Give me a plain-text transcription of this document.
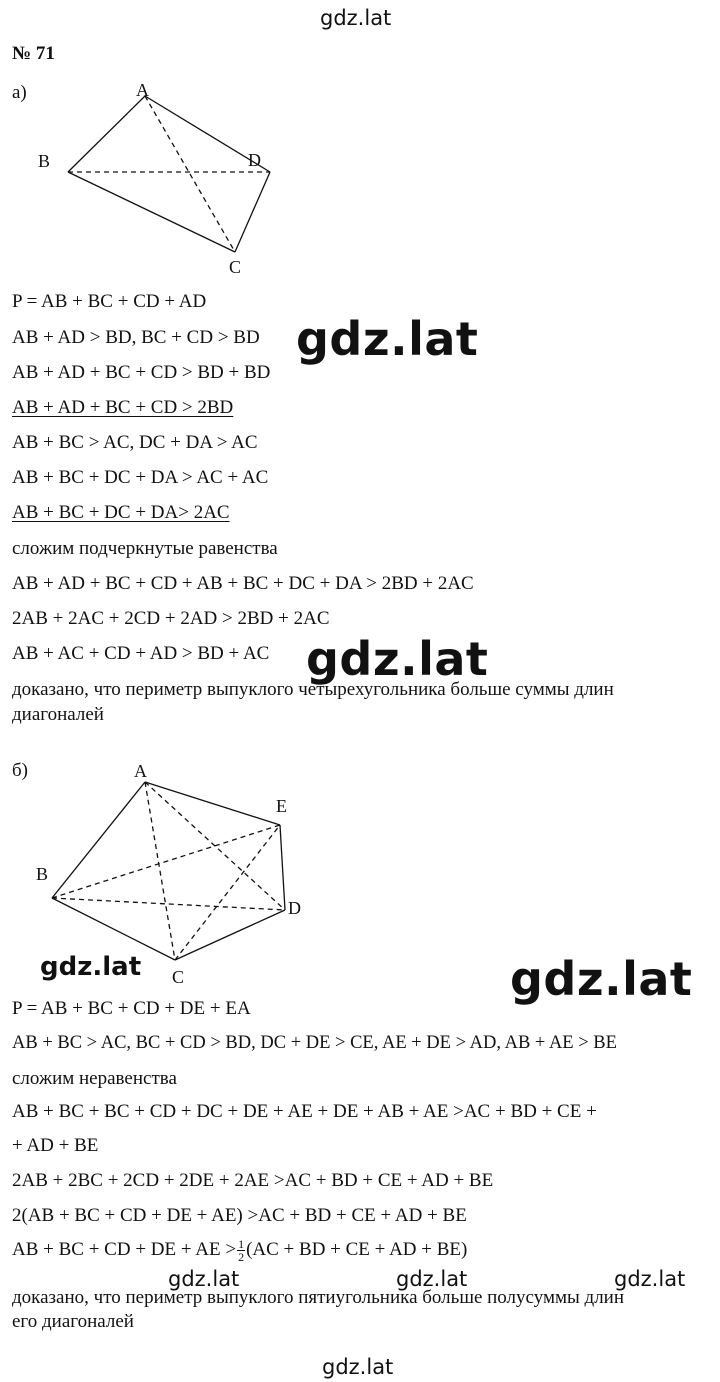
gdz.lat
gdz.lat
gdz.lat
gdz.lat	gdz.lat
gdz.lat	gdz.lat	gdz.lat
gdz.lat
№ 71
а)	A
B
C
D
P = AB + BC + CD + AD
AB + AD > BD, BC + CD > BD
AB + AD + BC + CD > BD + BD
AB + AD + BC + CD > 2BD
AB + BC > AC, DC + DA > AC
AB + BC + DC + DA > AC + AC
AB + BC + DC + DA> 2AC
сложим подчеркнутые равенства
AB + AD + BC + CD + AB + BC + DC + DA > 2BD + 2AC
2AB + 2AC + 2CD + 2AD > 2BD + 2AC
AB + AC + CD + AD > BD + AC
доказано, что периметр выпуклого четырехугольника больше суммы длин
диагоналей
б)	A
B
C
D
E
P = AB + BC + CD + DE + EA
AB + BC > AC, BC + CD > BD, DC + DE > CE, AE + DE > AD, AB + AE > BE
сложим неравенства
AB + BC + BC + CD + DC + DE + AE + DE + AB + AE >AC + BD + CE +
+ AD + BE
2AB + 2BC + 2CD + 2DE + 2AE >AC + BD + CE + AD + BE
2(AB + BC + CD + DE + AE) >AC + BD + CE + AD + BE
AB + BC + CD + DE + AE > $\frac{1}{2} (AC$ + BD + CE + AD + BE)
доказано, что периметр выпуклого пятиугольника больше полусуммы длин
его диагоналей
